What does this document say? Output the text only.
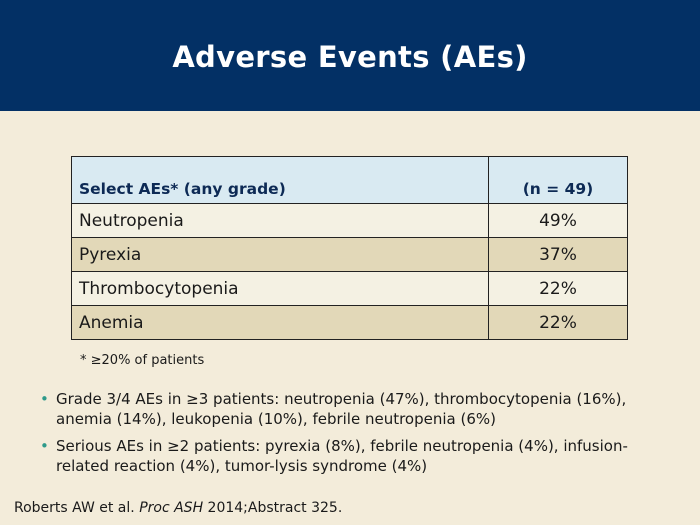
Adverse Events (AEs)
Select AEs* (any grade)	(n = 49)
Neutropenia	49%
Pyrexia	37%
Thrombocytopenia	22%
Anemia	22%
* ≥20% of patients
• Grade 3/4 AEs in ≥3 patients: neutropenia (47%), thrombocytopenia (16%), anemia (14%), leukopenia (10%), febrile neutropenia (6%)
• Serious AEs in ≥2 patients: pyrexia (8%), febrile neutropenia (4%), infusion-related reaction (4%), tumor-lysis syndrome (4%)
Roberts AW et al. Proc ASH 2014;Abstract 325.
